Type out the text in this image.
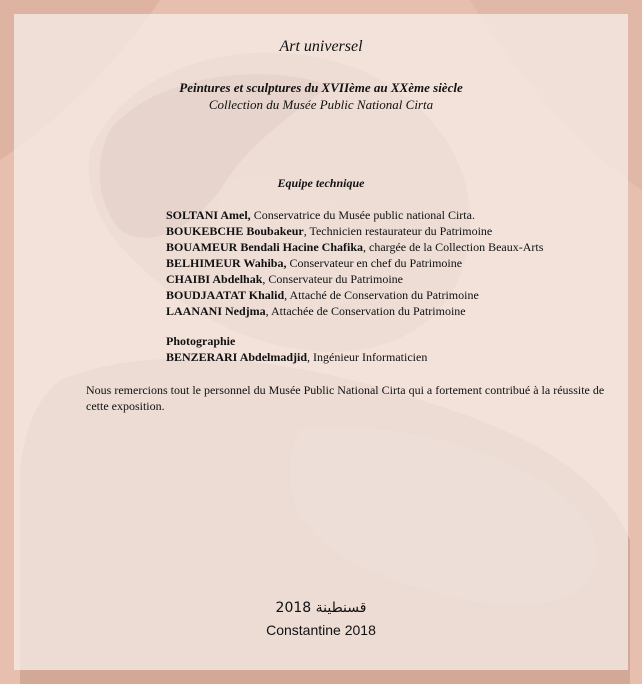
Art universel
Peintures et sculptures du XVIIème au XXème siècle
Collection du Musée Public National Cirta
Equipe technique
SOLTANI Amel, Conservatrice du Musée public national Cirta.
BOUKEBCHE Boubakeur, Technicien restaurateur du Patrimoine
BOUAMEUR Bendali Hacine Chafika, chargée de la Collection Beaux-Arts
BELHIMEUR Wahiba, Conservateur en chef du Patrimoine
CHAIBI Abdelhak, Conservateur du Patrimoine
BOUDJAATAT Khalid, Attaché de Conservation du Patrimoine
LAANANI Nedjma, Attachée de Conservation du Patrimoine
Photographie
BENZERARI Abdelmadjid, Ingénieur Informaticien
Nous remercions tout le personnel du Musée Public National Cirta qui a fortement contribué à la réussite de cette exposition.
قسنطينة 2018
Constantine 2018
